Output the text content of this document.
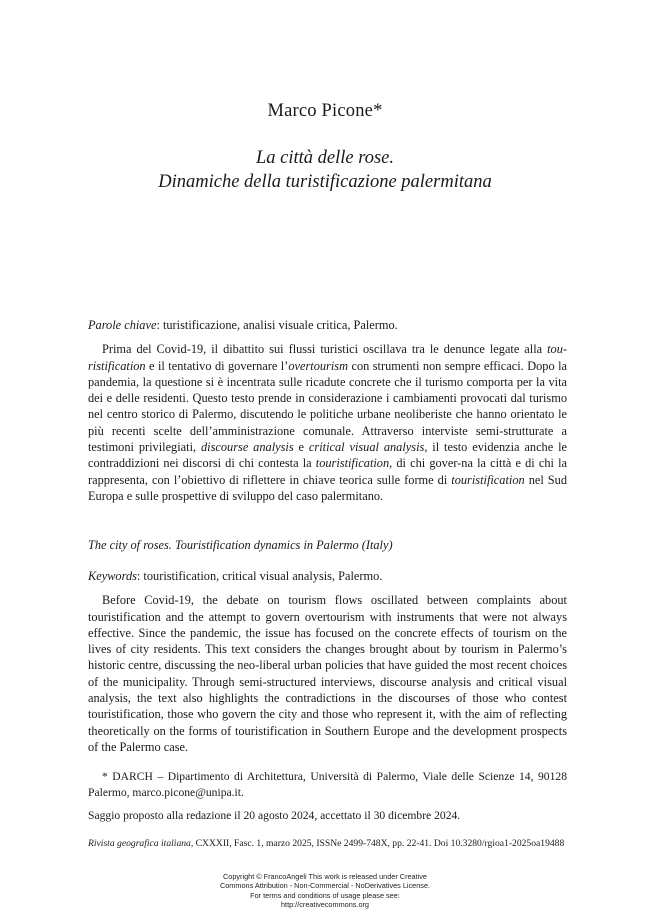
Marco Picone*
La città delle rose.
Dinamiche della turistificazione palermitana

Parole chiave: turistificazione, analisi visuale critica, Palermo.

Prima del Covid-19, il dibattito sui flussi turistici oscillava tra le denunce legate alla tou-ristification e il tentativo di governare l’overtourism con strumenti non sempre efficaci. Dopo la pandemia, la questione si è incentrata sulle ricadute concrete che il turismo comporta per la vita dei e delle residenti. Questo testo prende in considerazione i cambiamenti provocati dal turismo nel centro storico di Palermo, discutendo le politiche urbane neoliberiste che hanno orientato le più recenti scelte dell’amministrazione comunale. Attraverso interviste semi-strutturate a testimoni privilegiati, discourse analysis e critical visual analysis, il testo evidenzia anche le contraddizioni nei discorsi di chi contesta la touristification, di chi gover-na la città e di chi la rappresenta, con l’obiettivo di riflettere in chiave teorica sulle forme di touristification nel Sud Europa e sulle prospettive di sviluppo del caso palermitano.

The city of roses. Touristification dynamics in Palermo (Italy)

Keywords: touristification, critical visual analysis, Palermo.

Before Covid-19, the debate on tourism flows oscillated between complaints about touristification and the attempt to govern overtourism with instruments that were not always effective. Since the pandemic, the issue has focused on the concrete effects of tourism on the lives of city residents. This text considers the changes brought about by tourism in Palermo’s historic centre, discussing the neo-liberal urban policies that have guided the most recent choices of the municipality. Through semi-structured interviews, discourse analysis and critical visual analysis, the text also highlights the contradictions in the discourses of those who contest touristification, those who govern the city and those who represent it, with the aim of reflecting theoretically on the forms of touristification in Southern Europe and the development prospects of the Palermo case.

* DARCH – Dipartimento di Architettura, Università di Palermo, Viale delle Scienze 14, 90128 Palermo, marco.picone@unipa.it.

Saggio proposto alla redazione il 20 agosto 2024, accettato il 30 dicembre 2024.

Rivista geografica italiana, CXXXII, Fasc. 1, marzo 2025, ISSNe 2499-748X, pp. 22-41. Doi 10.3280/rgioa1-2025oa19488
Copyright © FrancoAngeli This work is released under Creative
Commons Attribution - Non-Commercial - NoDerivatives License.
For terms and conditions of usage please see:
http://creativecommons.org
